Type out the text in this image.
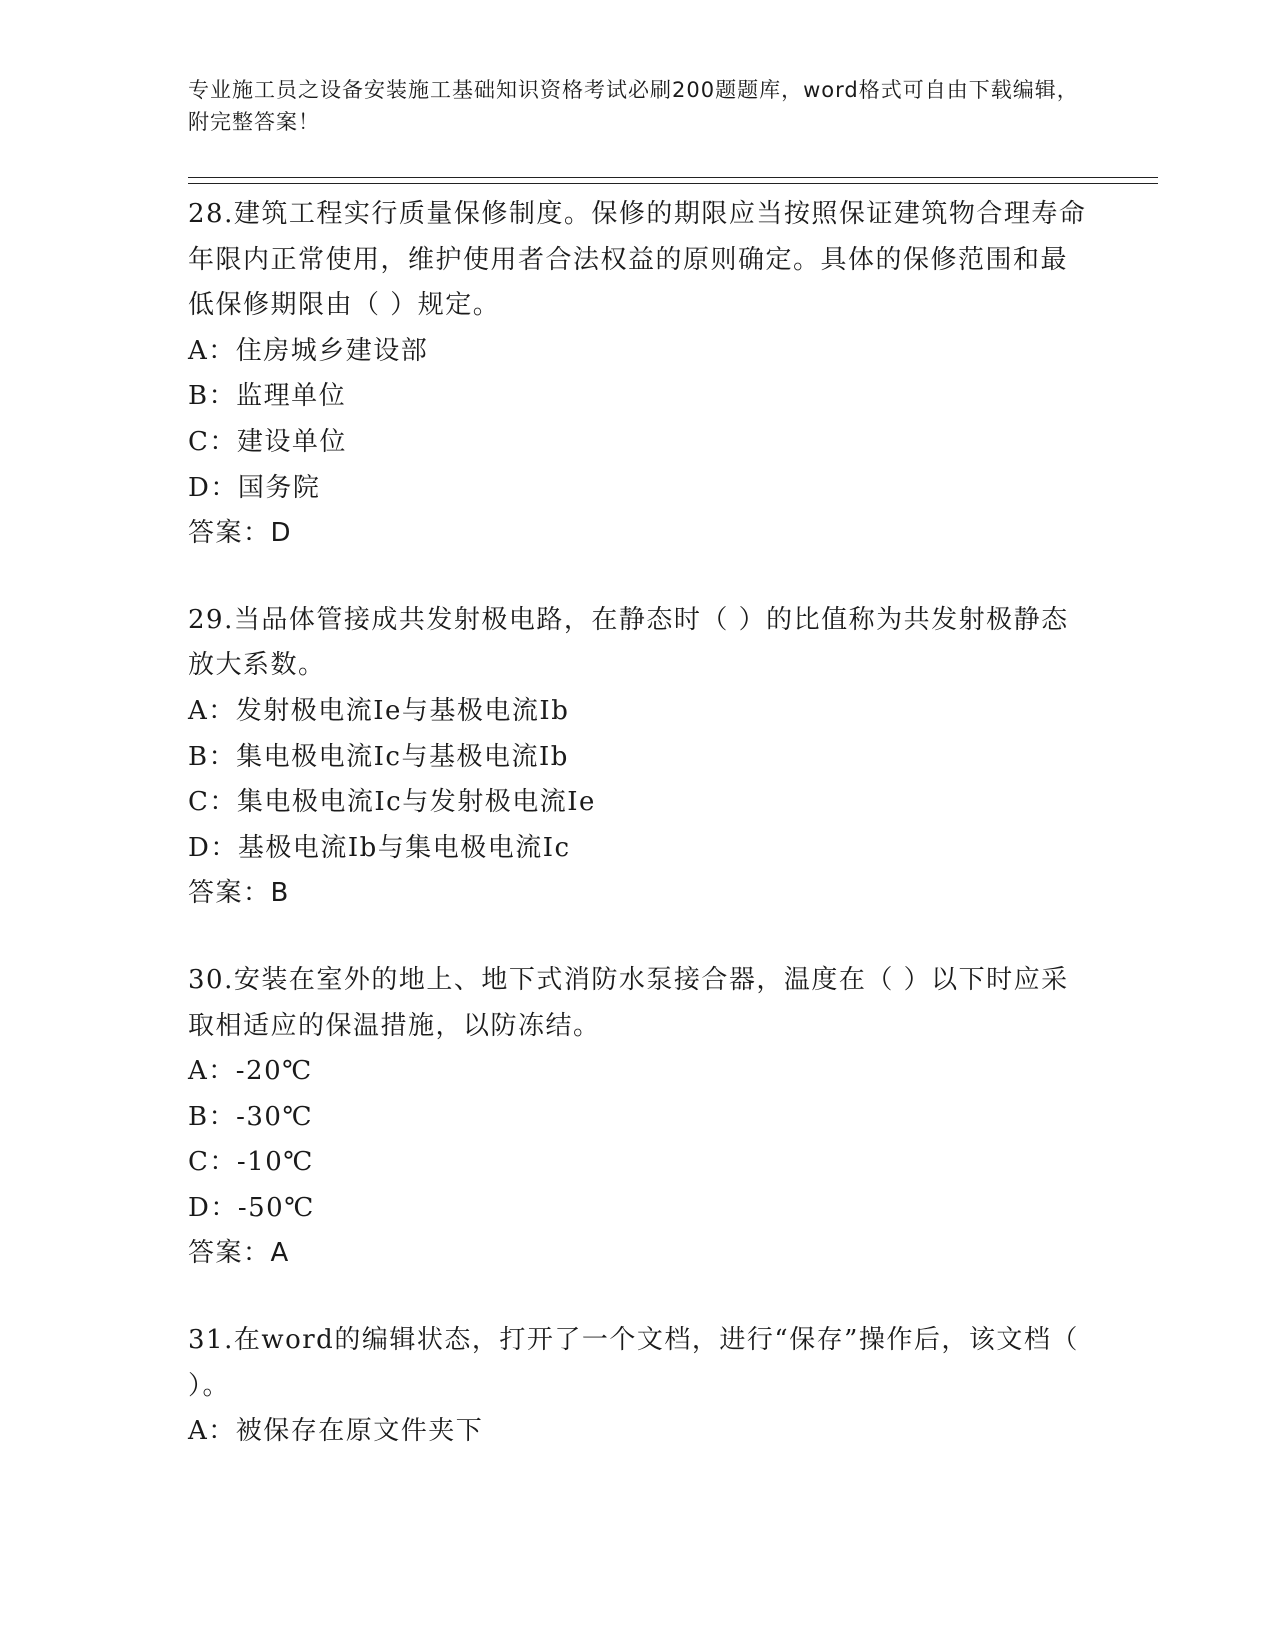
专业施工员之设备安装施工基础知识资格考试必刷200题题库，word格式可自由下载编辑，附完整答案！
28.建筑工程实行质量保修制度。保修的期限应当按照保证建筑物合理寿命年限内正常使用，维护使用者合法权益的原则确定。具体的保修范围和最低保修期限由（ ）规定。
A：住房城乡建设部
B：监理单位
C：建设单位
D：国务院
答案：D
29.当品体管接成共发射极电路，在静态时（ ）的比值称为共发射极静态放大系数。
A：发射极电流Ie与基极电流Ib
B：集电极电流Ic与基极电流Ib
C：集电极电流Ic与发射极电流Ie
D：基极电流Ib与集电极电流Ic
答案：B
30.安装在室外的地上、地下式消防水泵接合器，温度在（ ）以下时应采取相适应的保温措施，以防冻结。
A：-20℃
B：-30℃
C：-10℃
D：-50℃
答案：A
31.在word的编辑状态，打开了一个文档，进行“保存”操作后，该文档（ ）。
A：被保存在原文件夹下
